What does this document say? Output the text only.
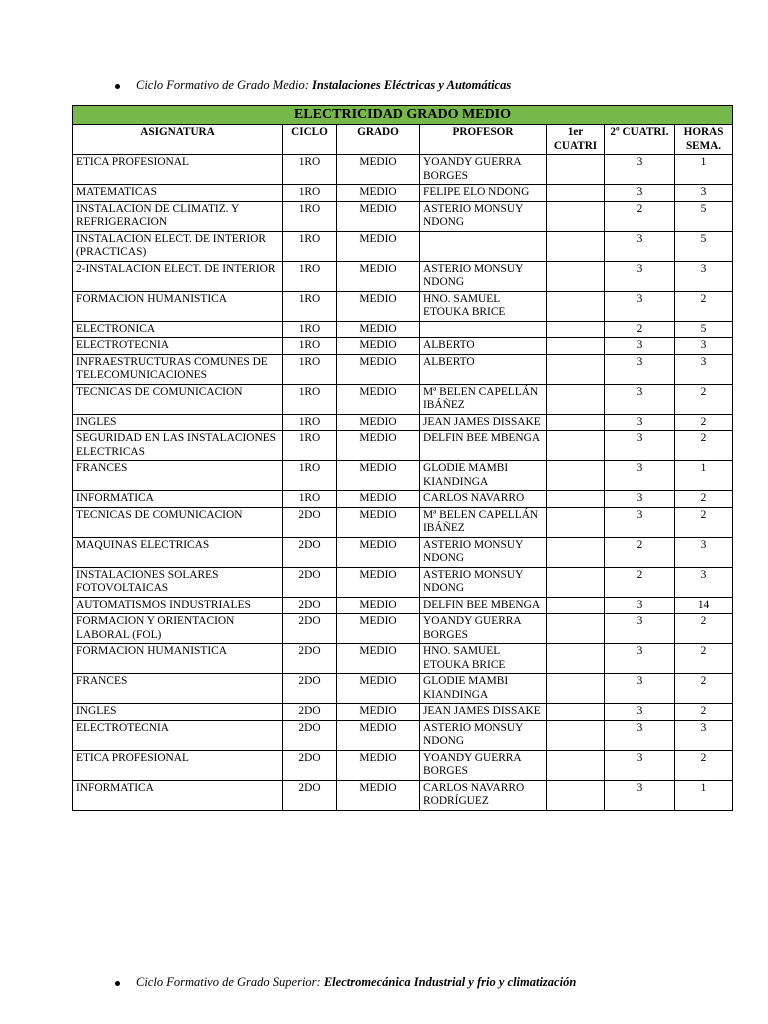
Ciclo Formativo de Grado Medio: Instalaciones Eléctricas y Automáticas
ELECTRICIDAD GRADO MEDIO						
ASIGNATURA	CICLO	GRADO	PROFESOR	1er CUATRI	2º CUATRI.	HORAS SEMA.
ETICA PROFESIONAL	1RO	MEDIO	YOANDY GUERRA BORGES		3	1
MATEMATICAS	1RO	MEDIO	FELIPE ELO NDONG		3	3
INSTALACION DE CLIMATIZ. Y REFRIGERACION	1RO	MEDIO	ASTERIO MONSUY NDONG		2	5
INSTALACION ELECT. DE INTERIOR (PRACTICAS)	1RO	MEDIO			3	5
2-INSTALACION ELECT. DE INTERIOR	1RO	MEDIO	ASTERIO MONSUY NDONG		3	3
FORMACION HUMANISTICA	1RO	MEDIO	HNO. SAMUEL ETOUKA BRICE		3	2
ELECTRONICA	1RO	MEDIO			2	5
ELECTROTECNIA	1RO	MEDIO	ALBERTO		3	3
INFRAESTRUCTURAS COMUNES DE TELECOMUNICACIONES	1RO	MEDIO	ALBERTO		3	3
TECNICAS DE COMUNICACION	1RO	MEDIO	Mª BELEN CAPELLÁN IBÁÑEZ		3	2
INGLES	1RO	MEDIO	JEAN JAMES DISSAKE		3	2
SEGURIDAD EN LAS INSTALACIONES ELECTRICAS	1RO	MEDIO	DELFIN BEE MBENGA		3	2
FRANCES	1RO	MEDIO	GLODIE MAMBI KIANDINGA		3	1
INFORMATICA	1RO	MEDIO	CARLOS NAVARRO		3	2
TECNICAS DE COMUNICACION	2DO	MEDIO	Mª BELEN CAPELLÁN IBÁÑEZ		3	2
MAQUINAS ELECTRICAS	2DO	MEDIO	ASTERIO MONSUY NDONG		2	3
INSTALACIONES SOLARES FOTOVOLTAICAS	2DO	MEDIO	ASTERIO MONSUY NDONG		2	3
AUTOMATISMOS INDUSTRIALES	2DO	MEDIO	DELFIN BEE MBENGA		3	14
FORMACION Y ORIENTACION LABORAL (FOL)	2DO	MEDIO	YOANDY GUERRA BORGES		3	2
FORMACION HUMANISTICA	2DO	MEDIO	HNO. SAMUEL ETOUKA BRICE		3	2
FRANCES	2DO	MEDIO	GLODIE MAMBI KIANDINGA		3	2
INGLES	2DO	MEDIO	JEAN JAMES DISSAKE		3	2
ELECTROTECNIA	2DO	MEDIO	ASTERIO MONSUY NDONG		3	3
ETICA PROFESIONAL	2DO	MEDIO	YOANDY GUERRA BORGES		3	2
INFORMATICA	2DO	MEDIO	CARLOS NAVARRO RODRÍGUEZ		3	1
Ciclo Formativo de Grado Superior: Electromecánica Industrial y frio y climatización
